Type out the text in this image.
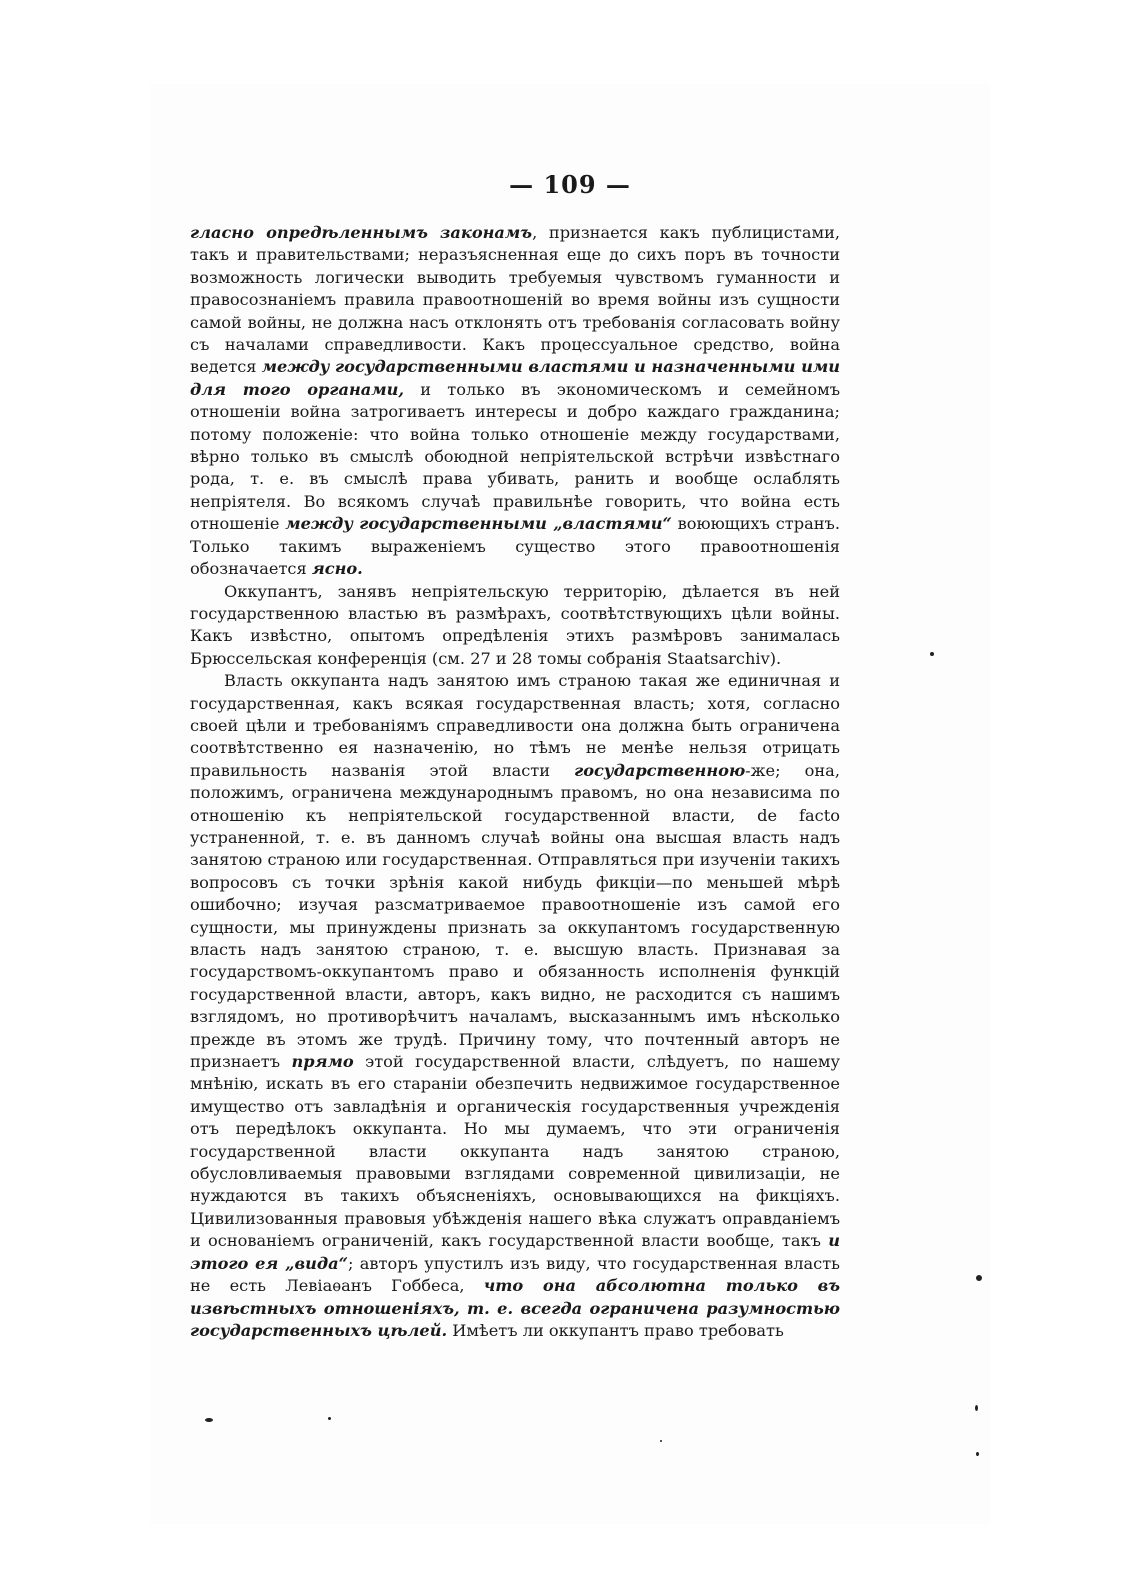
— 109 —

гласно опредѣленнымъ законамъ, признается какъ публицистами, такъ и правительствами; неразъясненная еще до сихъ поръ въ точности возможность логически выводить требуемыя чувствомъ гуманности и правосознаніемъ правила правоотношеній во время войны изъ сущности самой войны, не должна насъ отклонять отъ требованія согласовать войну съ началами справедливости. Какъ процессуальное средство, война ведется между государственными властями и назначенными ими для того органами, и только въ экономическомъ и семейномъ отношеніи война затрогиваетъ интересы и добро каждаго гражданина; потому положеніе: что война только отношеніе между государствами, вѣрно только въ смыслѣ обоюдной непріятельской встрѣчи извѣстнаго рода, т. е. въ смыслѣ права убивать, ранить и вообще ослаблять непріятеля. Во всякомъ случаѣ правильнѣе говорить, что война есть отношеніе между государственными „властями“ воюющихъ странъ. Только такимъ выраженіемъ существо этого правоотношенія обозначается ясно.

Оккупантъ, занявъ непріятельскую территорію, дѣлается въ ней государственною властью въ размѣрахъ, соотвѣтствующихъ цѣли войны. Какъ извѣстно, опытомъ опредѣленія этихъ размѣровъ занималась Брюссельская конференція (см. 27 и 28 томы собранія Staatsarchiv).

Власть оккупанта надъ занятою имъ страною такая же единичная и государственная, какъ всякая государственная власть; хотя, согласно своей цѣли и требованіямъ справедливости она должна быть ограничена соотвѣтственно ея назначенію, но тѣмъ не менѣе нельзя отрицать правильность названія этой власти государственною-же; она, положимъ, ограничена международнымъ правомъ, но она независима по отношенію къ непріятельской государственной власти, de facto устраненной, т. е. въ данномъ случаѣ войны она высшая власть надъ занятою страною или государственная. Отправляться при изученіи такихъ вопросовъ съ точки зрѣнія какой нибудь фикціи—по меньшей мѣрѣ ошибочно; изучая разсматриваемое правоотношеніе изъ самой его сущности, мы принуждены признать за оккупантомъ государственную власть надъ занятою страною, т. е. высшую власть. Признавая за государствомъ-оккупантомъ право и обязанность исполненія функцій государственной власти, авторъ, какъ видно, не расходится съ нашимъ взглядомъ, но противорѣчитъ началамъ, высказаннымъ имъ нѣсколько прежде въ этомъ же трудѣ. Причину тому, что почтенный авторъ не признаетъ прямо этой государственной власти, слѣдуетъ, по нашему мнѣнію, искать въ его стараніи обезпечить недвижимое государственное имущество отъ завладѣнія и органическія государственныя учрежденія отъ передѣлокъ оккупанта. Но мы думаемъ, что эти ограниченія государственной власти оккупанта надъ занятою страною, обусловливаемыя правовыми взглядами современной цивилизаціи, не нуждаются въ такихъ объясненіяхъ, основывающихся на фикціяхъ. Цивилизованныя правовыя убѣжденія нашего вѣка служатъ оправданіемъ и основаніемъ ограниченій, какъ государственной власти вообще, такъ и этого ея „вида“; авторъ упустилъ изъ виду, что государственная власть не есть Левіаѳанъ Гоббеса, что она абсолютна только въ извѣстныхъ отношеніяхъ, т. е. всегда ограничена разумностью государственныхъ цѣлей. Имѣетъ ли оккупантъ право требовать
